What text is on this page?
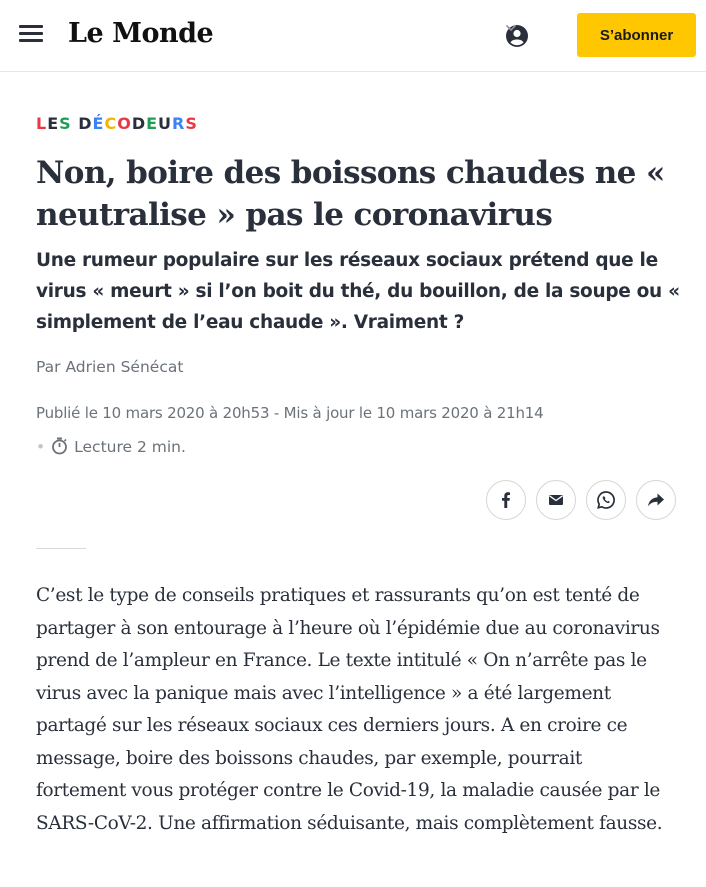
Le Monde	S’abonner
LES DÉCODEURS
Non, boire des boissons chaudes ne « neutralise » pas le coronavirus

Une rumeur populaire sur les réseaux sociaux prétend que le virus « meurt » si l’on boit du thé, du bouillon, de la soupe ou « simplement de l’eau chaude ». Vraiment ?

Par Adrien Sénécat
Publié le 10 mars 2020 à 20h53 - Mis à jour le 10 mars 2020 à 21h14
• Lecture 2 min.

C’est le type de conseils pratiques et rassurants qu’on est tenté de partager à son entourage à l’heure où l’épidémie due au coronavirus prend de l’ampleur en France. Le texte intitulé « On n’arrête pas le virus avec la panique mais avec l’intelligence » a été largement partagé sur les réseaux sociaux ces derniers jours. A en croire ce message, boire des boissons chaudes, par exemple, pourrait fortement vous protéger contre le Covid-19, la maladie causée par le SARS-CoV-2. Une affirmation séduisante, mais complètement fausse.
